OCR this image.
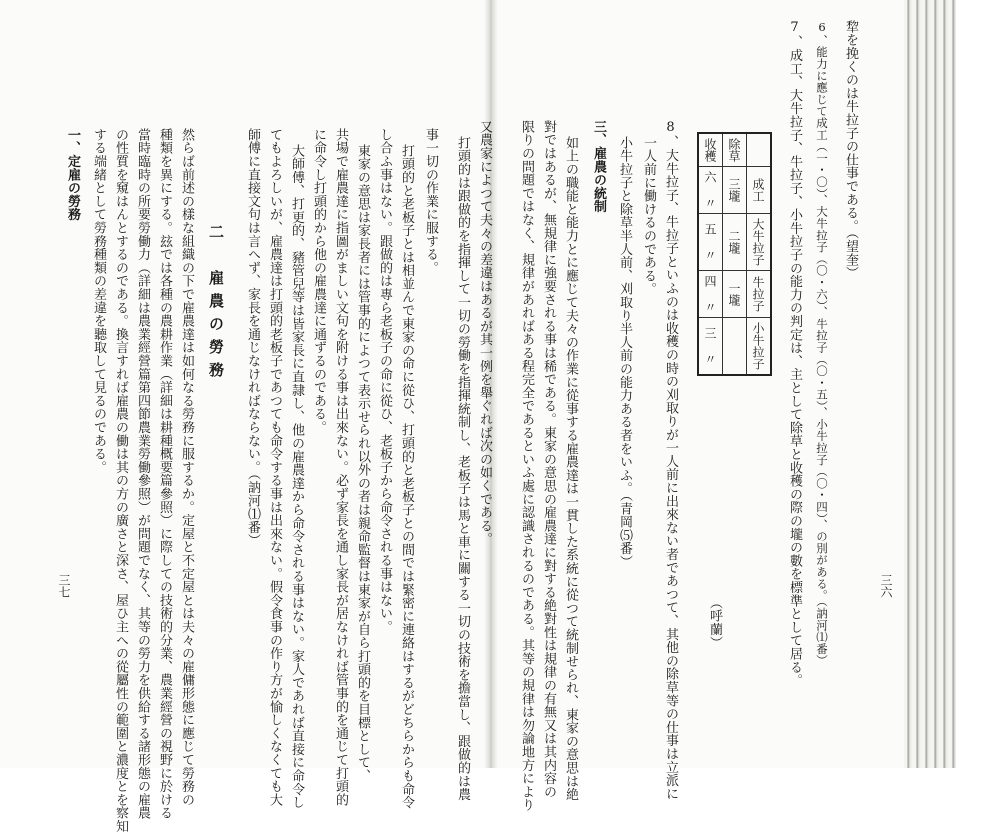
三六
犂を挽くのは牛拉子の仕事である。（望奎）
6、能力に應じて成工（一・〇）、大牛拉子（〇・六）、牛拉子（〇・五）、小牛拉子（〇・四）、の別がある。（訥河⑴番）
7、成工、大牛拉子、牛拉子、小牛拉子の能力の判定は、主として除草と收穫の際の壠の數を標準として居る。
	成工	大牛拉子	牛拉子	小牛拉子
除草	三壠	二壠	一壠	
收穫	六 〃	五 〃	四 〃	三 〃
（呼蘭）
8、大牛拉子、牛拉子といふのは收穫の時の刈取りが一人前に出來ない者であつて、其他の除草等の仕事は立派に
一人前に働けるのである。
小牛拉子と除草半人前、刈取り半人前の能力ある者をいふ。（青岡⑸番）
三、雇農の統制
如上の職能と能力とに應じて夫々の作業に從事する雇農達は一貫した系統に從つて統制せられ、東家の意思は絶
對ではあるが、無規律に強要される事は稀である。東家の意思の雇農達に對する絶對性は規律の有無又は其内容の
限りの問題ではなく、規律があればある程完全であるといふ處に認識されるのである。其等の規律は勿論地方により
又農家によつて夫々の差違はあるが其一例を舉ぐれば次の如くである。
打頭的は跟做的を指揮して一切の勞働を指揮統制し、老板子は馬と車に關する一切の技術を擔當し、跟做的は農
三七
事一切の作業に服する。
打頭的と老板子とは相並んで東家の命に從ひ、打頭的と老板子との間では緊密に連絡はするがどちらからも命令
し合ふ事はない。跟做的は專ら老板子の命に從ひ、老板子から命令される事はない。
東家の意思は家長者には管事的によつて表示せられ以外の者は親命監督は東家が自ら打頭的を目標として、
共場で雇農達に指圖がましい文句を附ける事は出來ない。必ず家長を通し家長が居なければ管事的を通じて打頭的
に命令し打頭的から他の雇農達に通ずるのである。
大師傅、打更的、豬管兒等は皆家長に直隷し、他の雇農達から命令される事はない。家人であれば直接に命令し
てもよろしいが、雇農達は打頭的老板子であつても命令する事は出來ない。假令食事の作り方が愉しくなくても大
師傅に直接文句は言へず、家長を通じなければならない。（訥河⑴番）
二　雇農の勞務
然らば前述の樣な組織の下で雇農達は如何なる勞務に服するか。定屋と不定屋とは夫々の雇傭形態に應じて勞務の
種類を異にする。玆では各種の農耕作業（詳細は耕種概要篇參照）に際しての技術的分業、農業經營の視野に於ける
當時臨時の所要勞働力（詳細は農業經營篇第四節農業勞働參照）が問題でなく、其等の勞力を供給する諸形態の雇農
の性質を窺はんとするのである。換言すれば雇農の働は其の方の廣さと深さ、屋ひ主への從屬性の範圍と濃度とを察知
する端緒として勞務種類の差違を聽取して見るのである。
一、定雇の勞務
